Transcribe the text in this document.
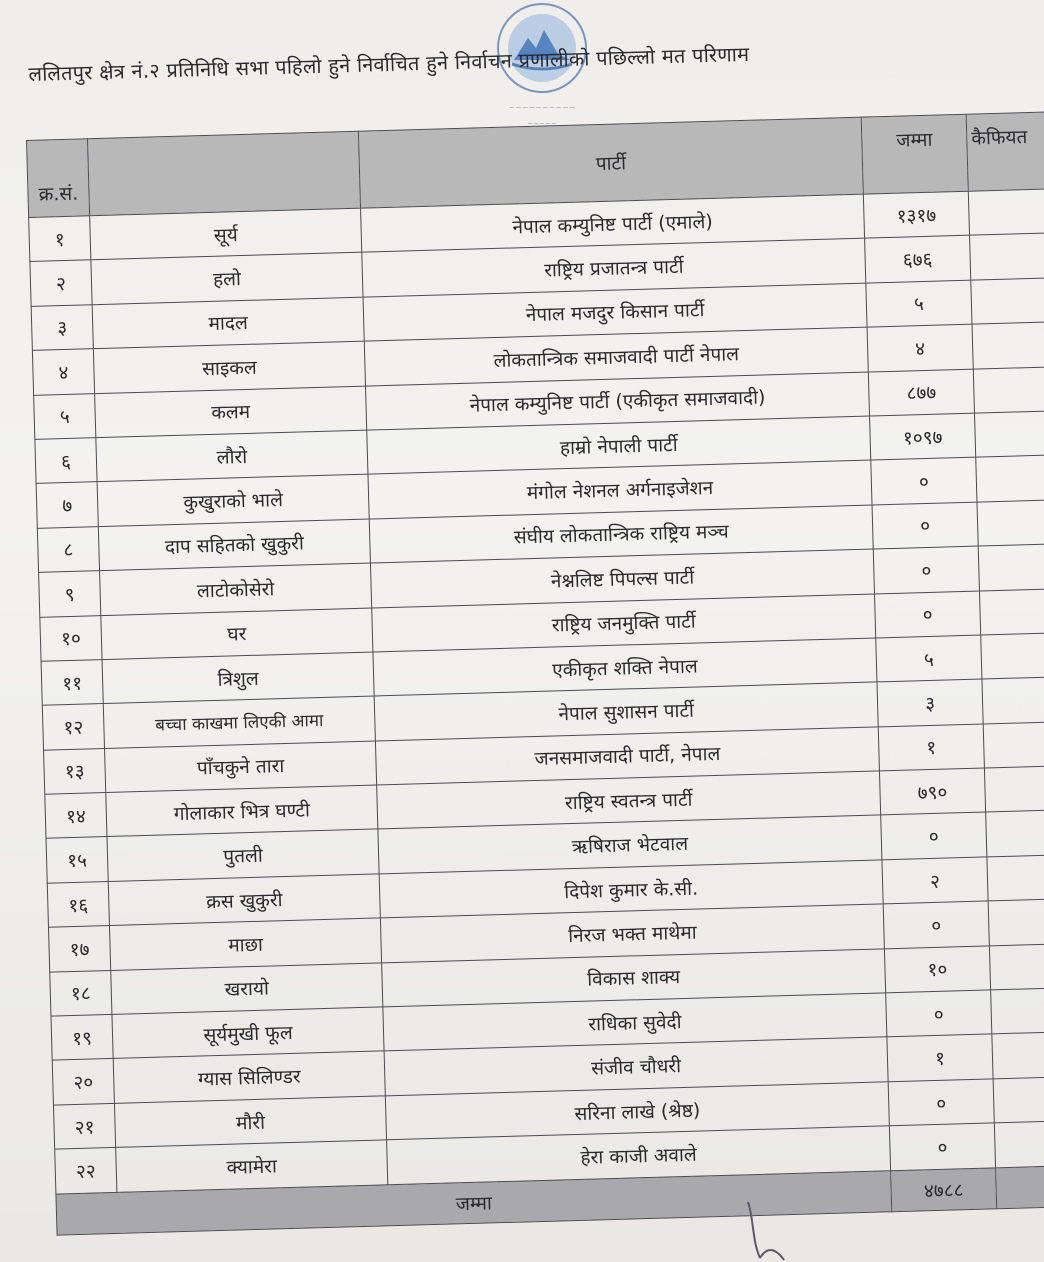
~~~~~~~~~~
~~~~~
ललितपुर क्षेत्र नं.२ प्रतिनिधि सभा पहिलो हुने निर्वाचित हुने निर्वाचन प्रणालीको पछिल्लो मत परिणाम
क्र.सं.		पार्टी	जम्मा	कैफियत
१	सूर्य	नेपाल कम्युनिष्ट पार्टी (एमाले)	१३१७	
२	हलो	राष्ट्रिय प्रजातन्त्र पार्टी	६७६	
३	मादल	नेपाल मजदुर किसान पार्टी	५	
४	साइकल	लोकतान्त्रिक समाजवादी पार्टी नेपाल	४	
५	कलम	नेपाल कम्युनिष्ट पार्टी (एकीकृत समाजवादी)	८७७	
६	लौरो	हाम्रो नेपाली पार्टी	१०९७	
७	कुखुराको भाले	मंगोल नेशनल अर्गनाइजेशन	०	
८	दाप सहितको खुकुरी	संघीय लोकतान्त्रिक राष्ट्रिय मञ्च	०	
९	लाटोकोसेरो	नेश्नलिष्ट पिपल्स पार्टी	०	
१०	घर	राष्ट्रिय जनमुक्ति पार्टी	०	
११	त्रिशुल	एकीकृत शक्ति नेपाल	५	
१२	बच्चा काखमा लिएकी आमा	नेपाल सुशासन पार्टी	३	
१३	पाँचकुने तारा	जनसमाजवादी पार्टी, नेपाल	१	
१४	गोलाकार भित्र घण्टी	राष्ट्रिय स्वतन्त्र पार्टी	७९०	
१५	पुतली	ऋषिराज भेटवाल	०	
१६	क्रस खुकुरी	दिपेश कुमार के.सी.	२	
१७	माछा	निरज भक्त माथेमा	०	
१८	खरायो	विकास शाक्य	१०	
१९	सूर्यमुखी फूल	राधिका सुवेदी	०	
२०	ग्यास सिलिण्डर	संजीव चौधरी	१	
२१	मौरी	सरिना लाखे (श्रेष्ठ)	०	
२२	क्यामेरा	हेरा काजी अवाले	०	
जम्मा			४७८८	
